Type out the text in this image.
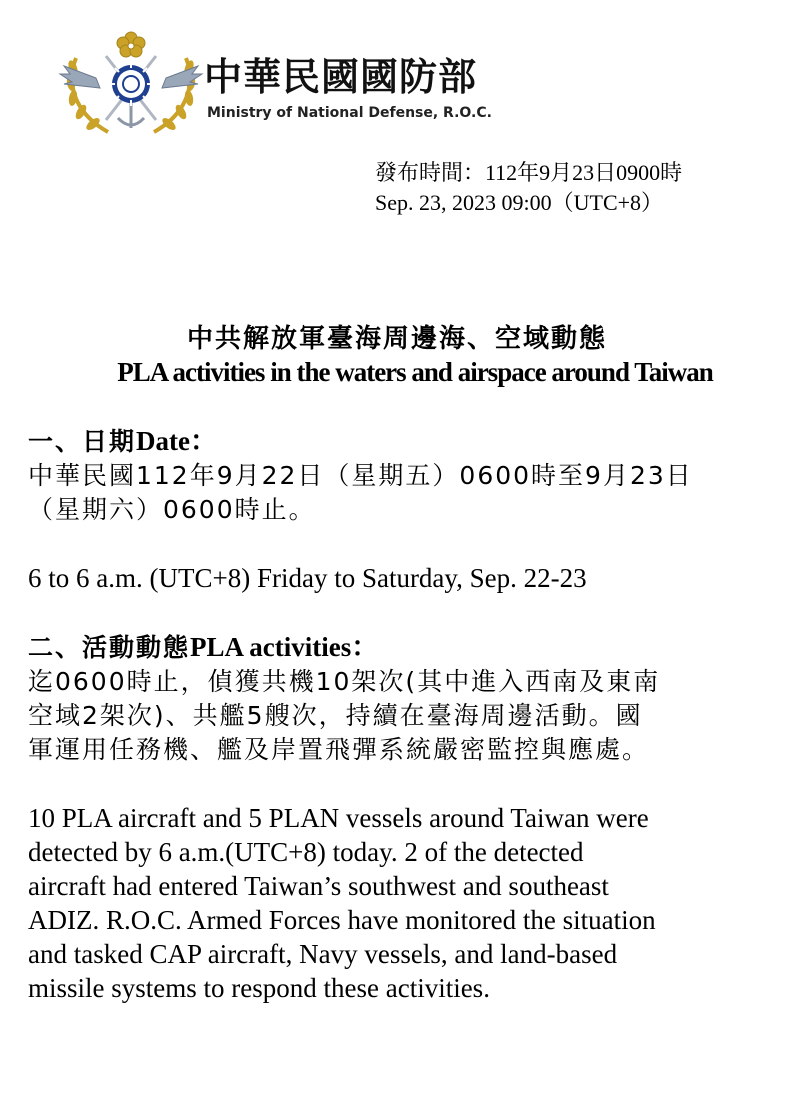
中華民國國防部
Ministry of National Defense, R.O.C.
發布時間：112年9月23日0900時
Sep. 23, 2023 09:00（UTC+8）
中共解放軍臺海周邊海、空域動態
PLA activities in the waters and airspace around Taiwan
一、日期Date：
中華民國112年9月22日（星期五）0600時至9月23日
（星期六）0600時止。
6 to 6 a.m. (UTC+8) Friday to Saturday, Sep. 22-23
二、活動動態PLA activities：
迄0600時止，偵獲共機10架次(其中進入西南及東南
空域2架次)、共艦5艘次，持續在臺海周邊活動。國
軍運用任務機、艦及岸置飛彈系統嚴密監控與應處。
10 PLA aircraft and 5 PLAN vessels around Taiwan were
detected by 6 a.m.(UTC+8) today. 2 of the detected
aircraft had entered Taiwan’s southwest and southeast
ADIZ. R.O.C. Armed Forces have monitored the situation
and tasked CAP aircraft, Navy vessels, and land-based
missile systems to respond these activities.
